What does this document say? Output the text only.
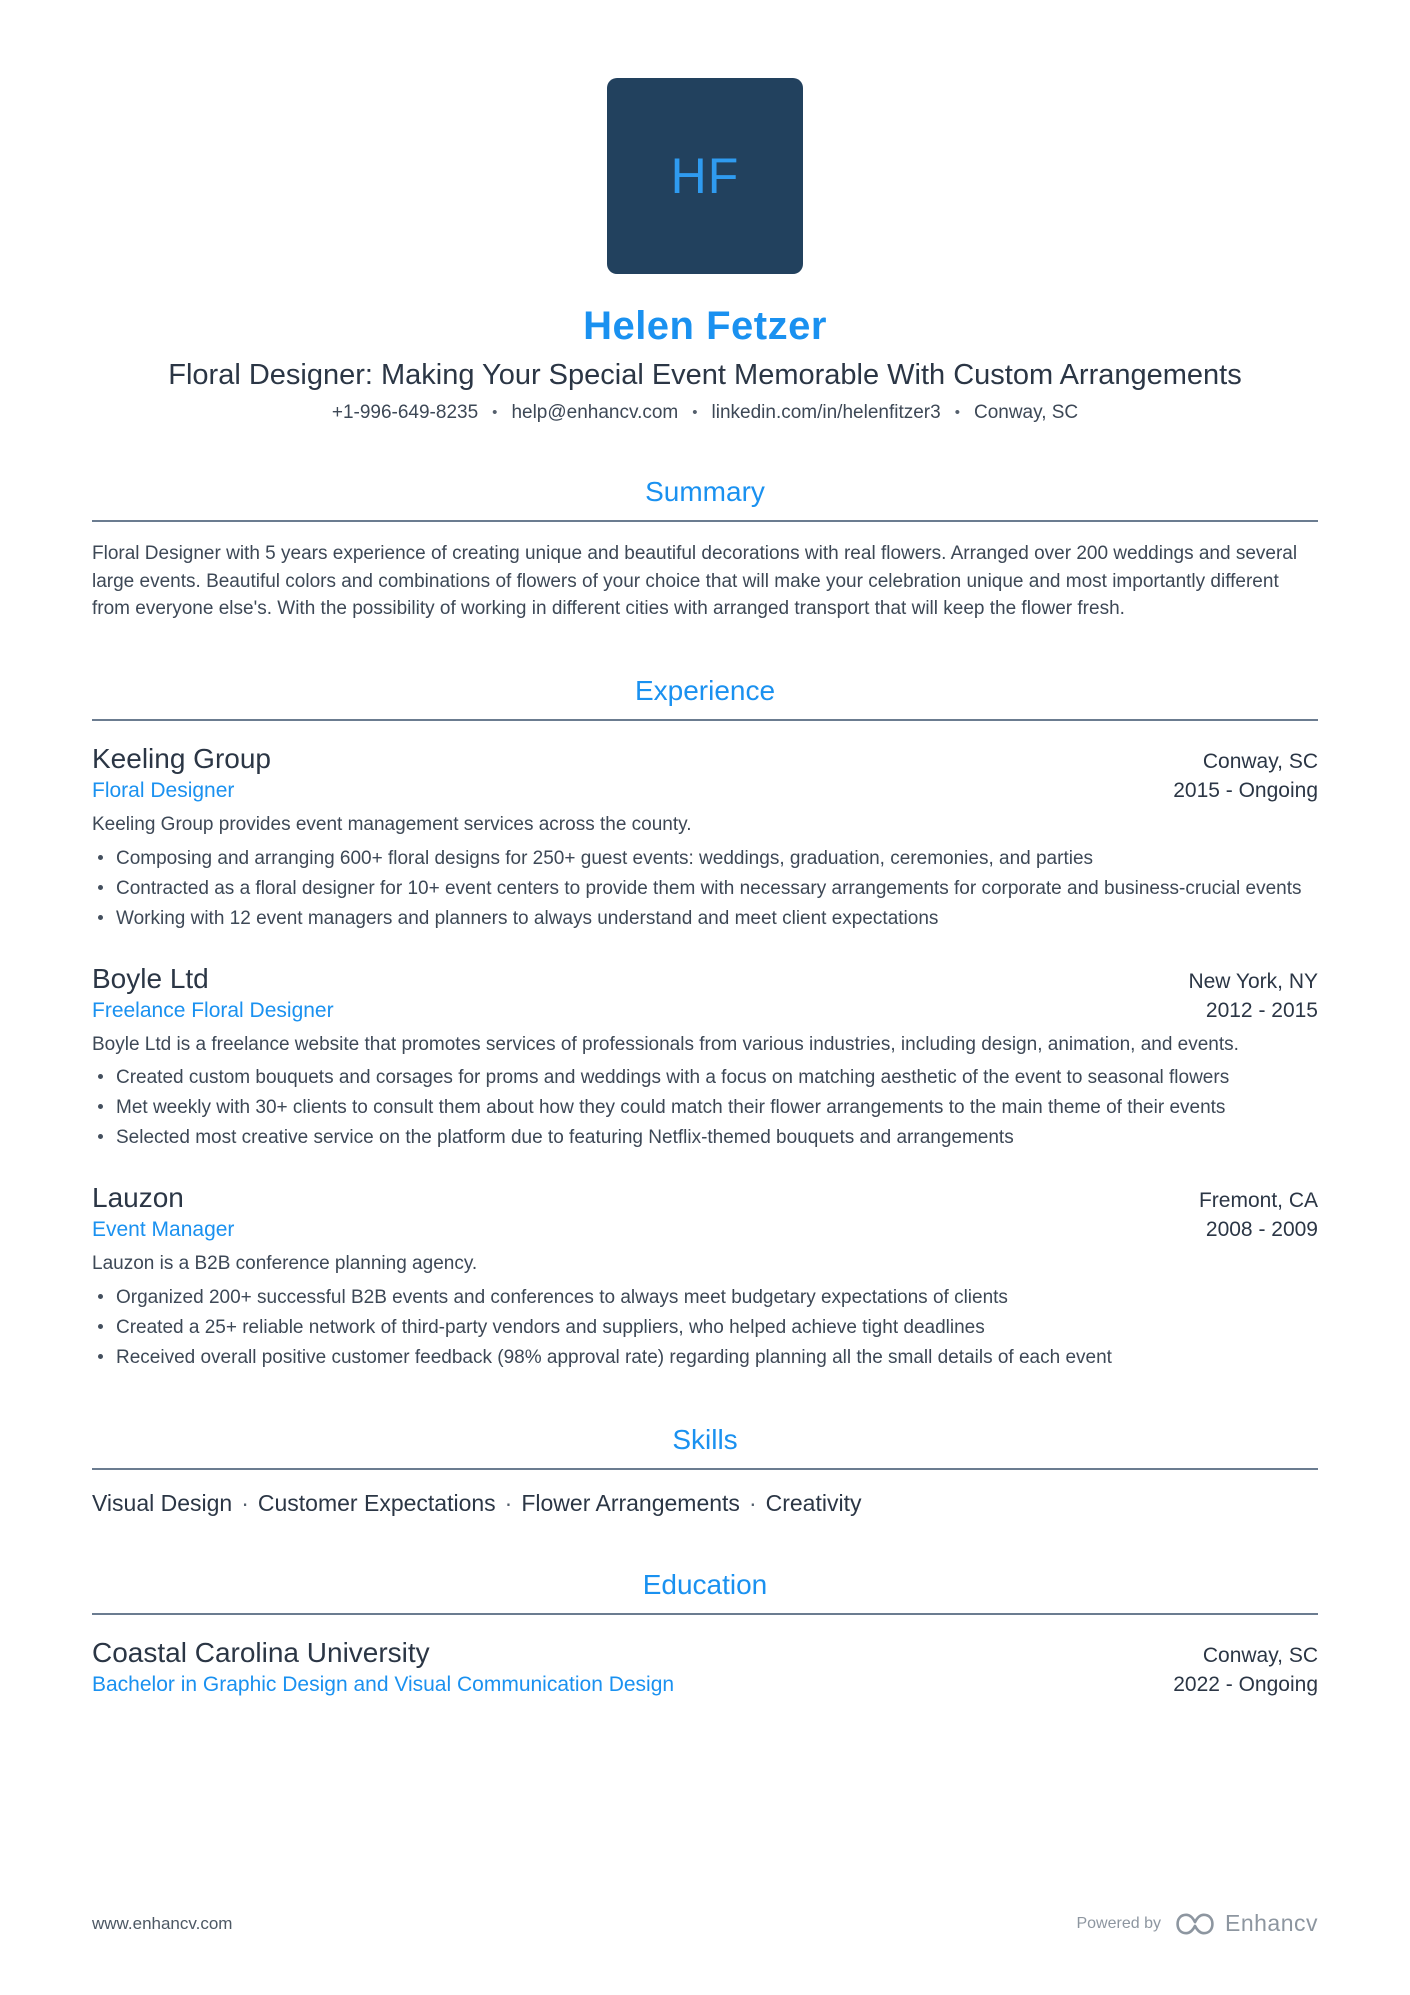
HF
Helen Fetzer
Floral Designer: Making Your Special Event Memorable With Custom Arrangements
+1-996-649-8235	• help@enhancv.com	• linkedin.com/in/helenfitzer3	• Conway, SC
Summary
Floral Designer with 5 years experience of creating unique and beautiful decorations with real flowers. Arranged over 200 weddings and several large events. Beautiful colors and combinations of flowers of your choice that will make your celebration unique and most importantly different from everyone else's. With the possibility of working in different cities with arranged transport that will keep the flower fresh.
Experience
Keeling Group	Conway, SC
Floral Designer	2015 - Ongoing
Keeling Group provides event management services across the county.
Composing and arranging 600+ floral designs for 250+ guest events: weddings, graduation, ceremonies, and parties
Contracted as a floral designer for 10+ event centers to provide them with necessary arrangements for corporate and business-crucial events
Working with 12 event managers and planners to always understand and meet client expectations
Boyle Ltd	New York, NY
Freelance Floral Designer	2012 - 2015
Boyle Ltd is a freelance website that promotes services of professionals from various industries, including design, animation, and events.
Created custom bouquets and corsages for proms and weddings with a focus on matching aesthetic of the event to seasonal flowers
Met weekly with 30+ clients to consult them about how they could match their flower arrangements to the main theme of their events
Selected most creative service on the platform due to featuring Netflix-themed bouquets and arrangements
Lauzon	Fremont, CA
Event Manager	2008 - 2009
Lauzon is a B2B conference planning agency.
Organized 200+ successful B2B events and conferences to always meet budgetary expectations of clients
Created a 25+ reliable network of third-party vendors and suppliers, who helped achieve tight deadlines
Received overall positive customer feedback (98% approval rate) regarding planning all the small details of each event
Skills
Visual Design · Customer Expectations · Flower Arrangements · Creativity
Education
Coastal Carolina University	Conway, SC
Bachelor in Graphic Design and Visual Communication Design	2022 - Ongoing
www.enhancv.com	Powered by	Enhancv
